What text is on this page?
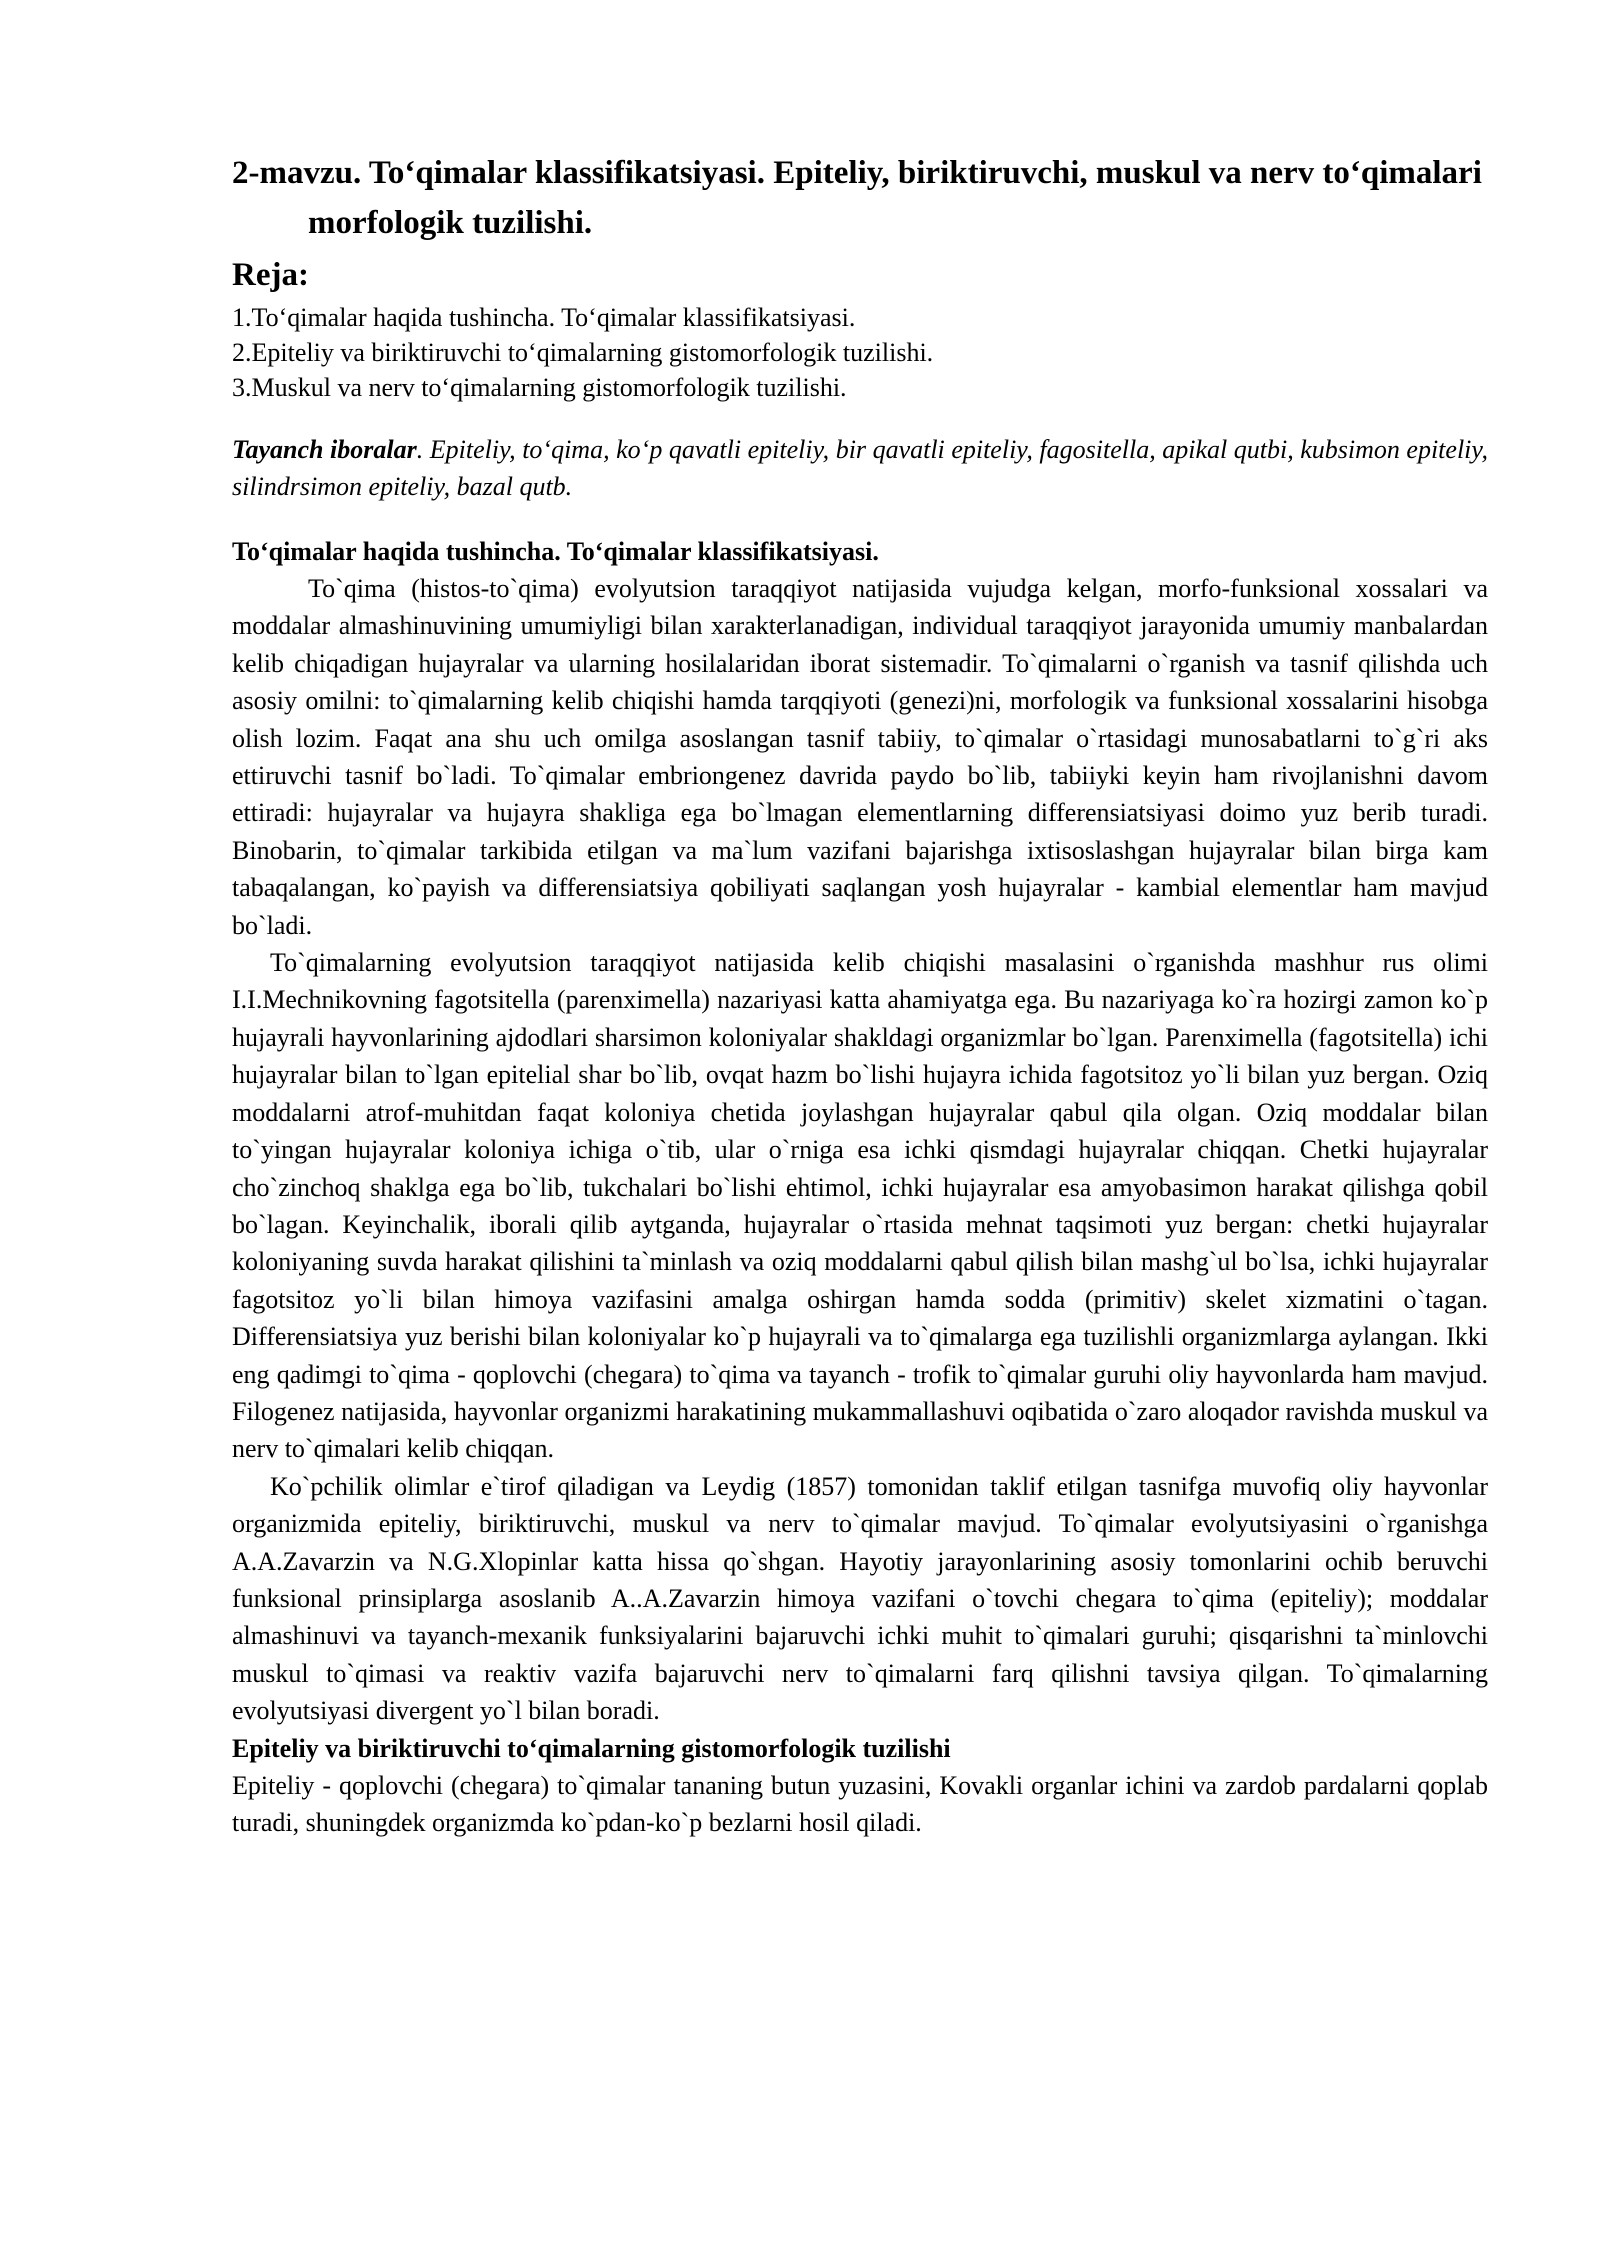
2-mavzu. To‘qimalar klassifikatsiyasi. Epiteliy, biriktiruvchi, muskul va nerv to‘qimalari morfologik tuzilishi.
Reja:
1.To‘qimalar haqida tushincha. To‘qimalar klassifikatsiyasi.
2.Epiteliy va biriktiruvchi to‘qimalarning gistomorfologik tuzilishi.
3.Muskul va nerv to‘qimalarning gistomorfologik tuzilishi.

Tayanch iboralar. Epiteliy, to‘qima, ko‘p qavatli epiteliy, bir qavatli epiteliy, fagositella, apikal qutbi, kubsimon epiteliy, silindrsimon epiteliy, bazal qutb.

To‘qimalar haqida tushincha. To‘qimalar klassifikatsiyasi.

To`qima (histos-to`qima) evolyutsion taraqqiyot natijasida vujudga kelgan, morfo-funksional xossalari va moddalar almashinuvining umumiyligi bilan xarakterlanadigan, individual taraqqiyot jarayonida umumiy manbalardan kelib chiqadigan hujayralar va ularning hosilalaridan iborat sistemadir. To`qimalarni o`rganish va tasnif qilishda uch asosiy omilni: to`qimalarning kelib chiqishi hamda tarqqiyoti (genezi)ni, morfologik va funksional xossalarini hisobga olish lozim. Faqat ana shu uch omilga asoslangan tasnif tabiiy, to`qimalar o`rtasidagi munosabatlarni to`g`ri aks ettiruvchi tasnif bo`ladi. To`qimalar embriongenez davrida paydo bo`lib, tabiiyki keyin ham rivojlanishni davom ettiradi: hujayralar va hujayra shakliga ega bo`lmagan elementlarning differensiatsiyasi doimo yuz berib turadi. Binobarin, to`qimalar tarkibida etilgan va ma`lum vazifani bajarishga ixtisoslashgan hujayralar bilan birga kam tabaqalangan, ko`payish va differensiatsiya qobiliyati saqlangan yosh hujayralar - kambial elementlar ham mavjud bo`ladi.

To`qimalarning evolyutsion taraqqiyot natijasida kelib chiqishi masalasini o`rganishda mashhur rus olimi I.I.Mechnikovning fagotsitella (parenximella) nazariyasi katta ahamiyatga ega. Bu nazariyaga ko`ra hozirgi zamon ko`p hujayrali hayvonlarining ajdodlari sharsimon koloniyalar shakldagi organizmlar bo`lgan. Parenximella (fagotsitella) ichi hujayralar bilan to`lgan epitelial shar bo`lib, ovqat hazm bo`lishi hujayra ichida fagotsitoz yo`li bilan yuz bergan. Oziq moddalarni atrof-muhitdan faqat koloniya chetida joylashgan hujayralar qabul qila olgan. Oziq moddalar bilan to`yingan hujayralar koloniya ichiga o`tib, ular o`rniga esa ichki qismdagi hujayralar chiqqan. Chetki hujayralar cho`zinchoq shaklga ega bo`lib, tukchalari bo`lishi ehtimol, ichki hujayralar esa amyobasimon harakat qilishga qobil bo`lagan. Keyinchalik, iborali qilib aytganda, hujayralar o`rtasida mehnat taqsimoti yuz bergan: chetki hujayralar koloniyaning suvda harakat qilishini ta`minlash va oziq moddalarni qabul qilish bilan mashg`ul bo`lsa, ichki hujayralar fagotsitoz yo`li bilan himoya vazifasini amalga oshirgan hamda sodda (primitiv) skelet xizmatini o`tagan. Differensiatsiya yuz berishi bilan koloniyalar ko`p hujayrali va to`qimalarga ega tuzilishli organizmlarga aylangan. Ikki eng qadimgi to`qima - qoplovchi (chegara) to`qima va tayanch - trofik to`qimalar guruhi oliy hayvonlarda ham mavjud. Filogenez natijasida, hayvonlar organizmi harakatining mukammallashuvi oqibatida o`zaro aloqador ravishda muskul va nerv to`qimalari kelib chiqqan.

Ko`pchilik olimlar e`tirof qiladigan va Leydig (1857) tomonidan taklif etilgan tasnifga muvofiq oliy hayvonlar organizmida epiteliy, biriktiruvchi, muskul va nerv to`qimalar mavjud. To`qimalar evolyutsiyasini o`rganishga A.A.Zavarzin va N.G.Xlopinlar katta hissa qo`shgan. Hayotiy jarayonlarining asosiy tomonlarini ochib beruvchi funksional prinsiplarga asoslanib A..A.Zavarzin himoya vazifani o`tovchi chegara to`qima (epiteliy); moddalar almashinuvi va tayanch-mexanik funksiyalarini bajaruvchi ichki muhit to`qimalari guruhi; qisqarishni ta`minlovchi muskul to`qimasi va reaktiv vazifa bajaruvchi nerv to`qimalarni farq qilishni tavsiya qilgan. To`qimalarning evolyutsiyasi divergent yo`l bilan boradi.

Epiteliy va biriktiruvchi to‘qimalarning gistomorfologik tuzilishi

Epiteliy - qoplovchi (chegara) to`qimalar tananing butun yuzasini, Kovakli organlar ichini va zardob pardalarni qoplab turadi, shuningdek organizmda ko`pdan-ko`p bezlarni hosil qiladi.
